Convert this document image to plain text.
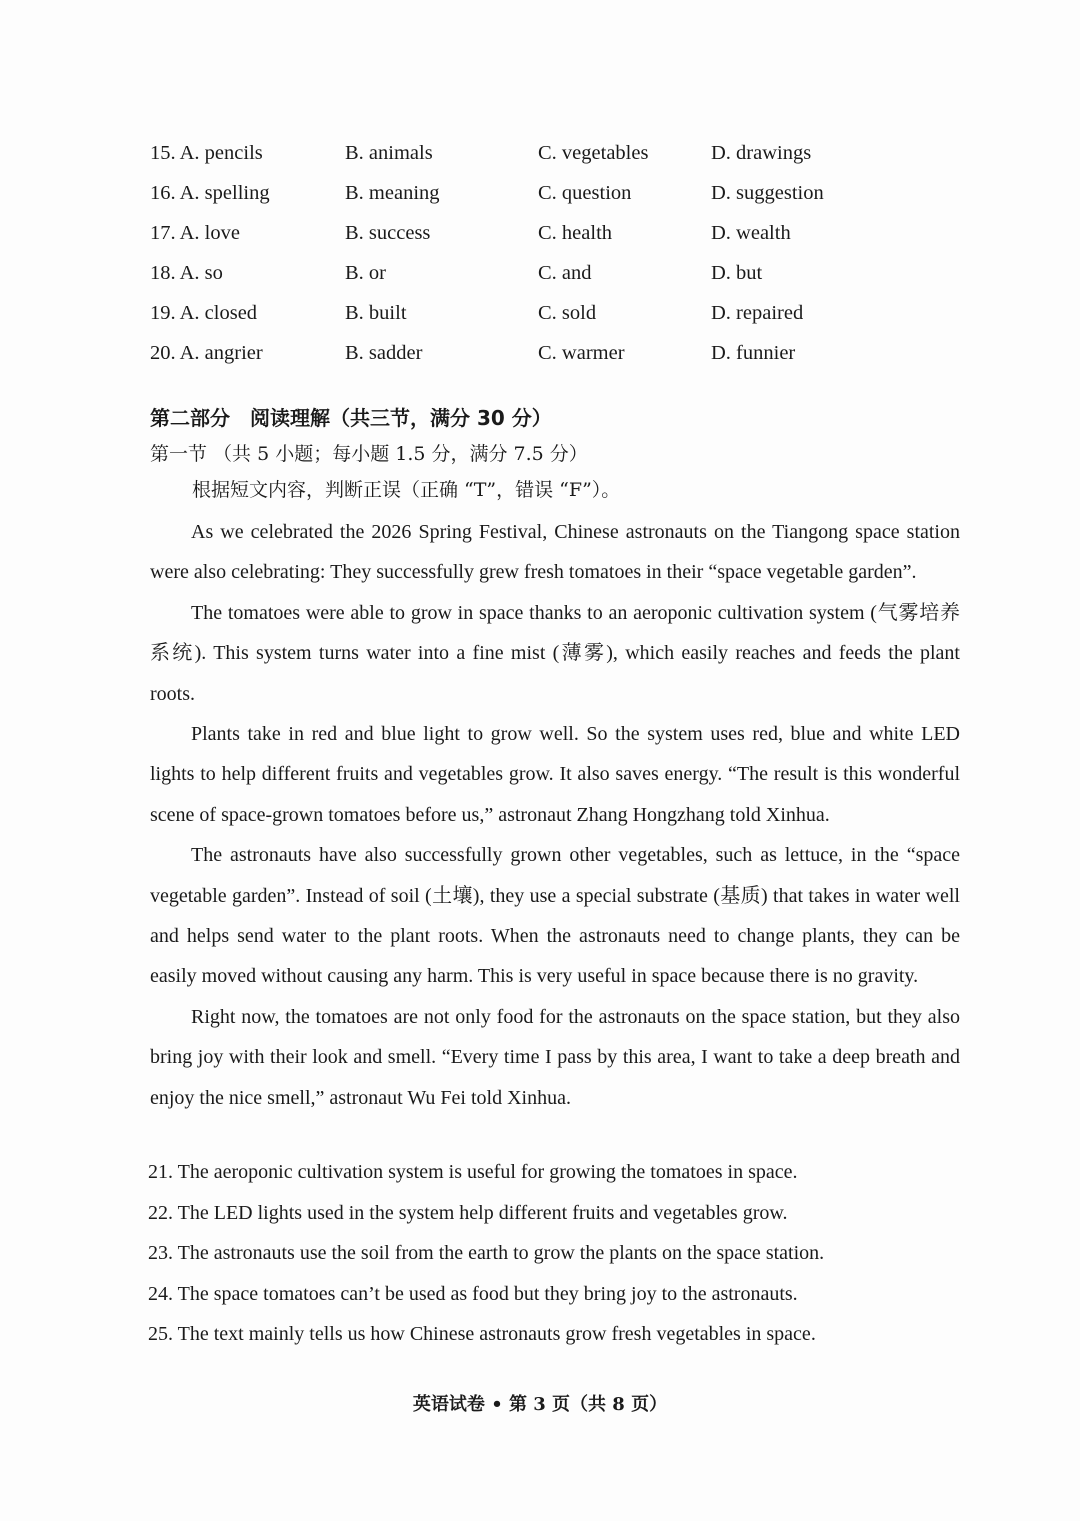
15. A. pencils	B. animals	C. vegetables	D. drawings
16. A. spelling	B. meaning	C. question	D. suggestion
17. A. love	B. success	C. health	D. wealth
18. A. so	B. or	C. and	D. but
19. A. closed	B. built	C. sold	D. repaired
20. A. angrier	B. sadder	C. warmer	D. funnier
第二部分　阅读理解（共三节，满分 30 分）
第一节 （共 5 小题；每小题 1.5 分，满分 7.5 分）
根据短文内容，判断正误（正确 “T”，错误 “F”）。

As we celebrated the 2026 Spring Festival, Chinese astronauts on the Tiangong space station were also celebrating: They successfully grew fresh tomatoes in their “space vegetable garden”.

The tomatoes were able to grow in space thanks to an aeroponic cultivation system (气雾培养系统). This system turns water into a fine mist (薄雾), which easily reaches and feeds the plant roots.

Plants take in red and blue light to grow well. So the system uses red, blue and white LED lights to help different fruits and vegetables grow. It also saves energy. “The result is this wonderful scene of space-grown tomatoes before us,” astronaut Zhang Hongzhang told Xinhua.

The astronauts have also successfully grown other vegetables, such as lettuce, in the “space vegetable garden”. Instead of soil (土壤), they use a special substrate (基质) that takes in water well and helps send water to the plant roots. When the astronauts need to change plants, they can be easily moved without causing any harm. This is very useful in space because there is no gravity.

Right now, the tomatoes are not only food for the astronauts on the space station, but they also bring joy with their look and smell. “Every time I pass by this area, I want to take a deep breath and enjoy the nice smell,” astronaut Wu Fei told Xinhua.

21. The aeroponic cultivation system is useful for growing the tomatoes in space.
22. The LED lights used in the system help different fruits and vegetables grow.
23. The astronauts use the soil from the earth to grow the plants on the space station.
24. The space tomatoes can’t be used as food but they bring joy to the astronauts.
25. The text mainly tells us how Chinese astronauts grow fresh vegetables in space.
英语试卷 • 第 3 页（共 8 页）
